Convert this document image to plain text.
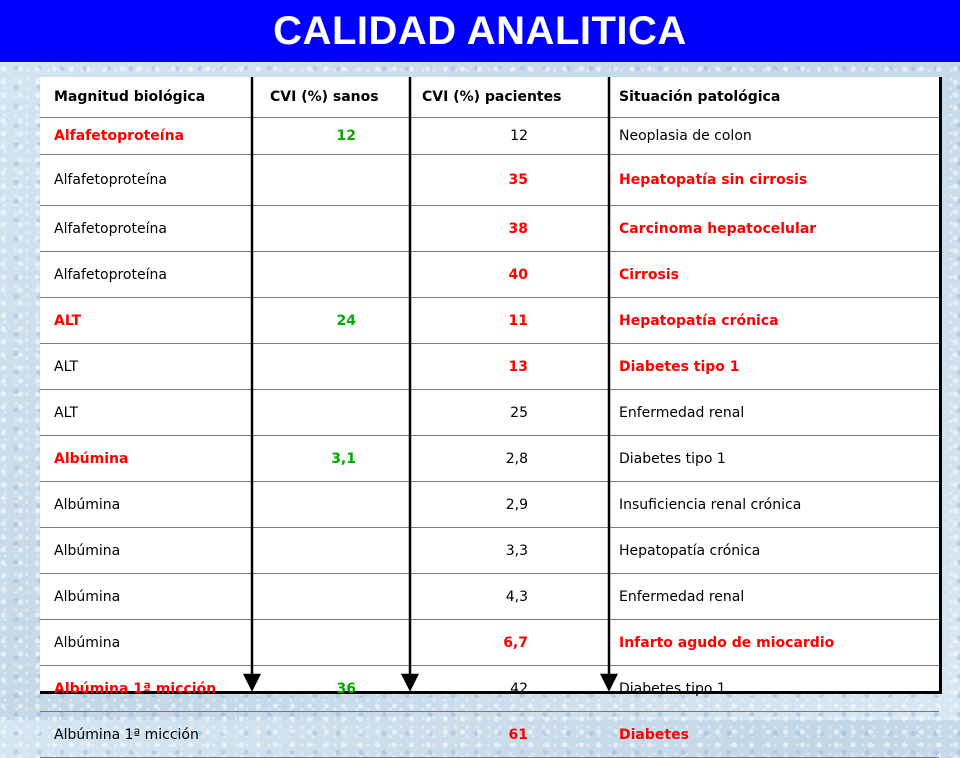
CALIDAD ANALITICA
Magnitud biológica	CVI (%) sanos	CVI (%) pacientes	Situación patológica
Alfafetoproteína	12	12	Neoplasia de colon
Alfafetoproteína		35	Hepatopatía sin cirrosis
Alfafetoproteína		38	Carcinoma hepatocelular
Alfafetoproteína		40	Cirrosis
ALT	24	11	Hepatopatía crónica
ALT		13	Diabetes tipo 1
ALT		25	Enfermedad renal
Albúmina	3,1	2,8	Diabetes tipo 1
Albúmina		2,9	Insuficiencia renal crónica
Albúmina		3,3	Hepatopatía crónica
Albúmina		4,3	Enfermedad renal
Albúmina		6,7	Infarto agudo de miocardio
Albúmina 1ª micción	36	42	Diabetes tipo 1
Albúmina 1ª micción		61	Diabetes
